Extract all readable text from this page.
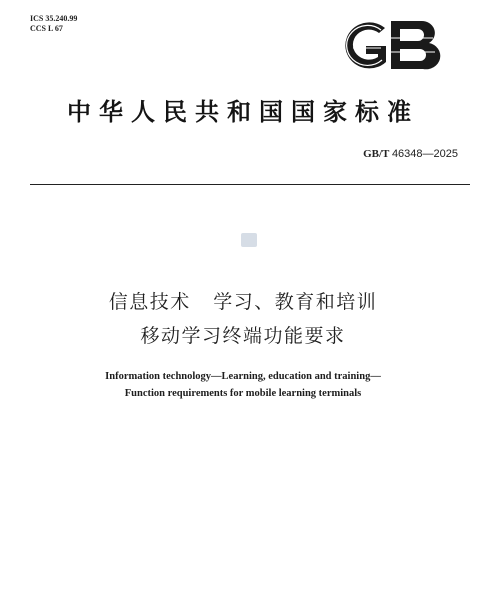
ICS 35.240.99
CCS L 67
中华人民共和国国家标准
GB/T 46348—2025
信息技术   学习、教育和培训
移动学习终端功能要求
Information technology—Learning, education and training—
Function requirements for mobile learning terminals
